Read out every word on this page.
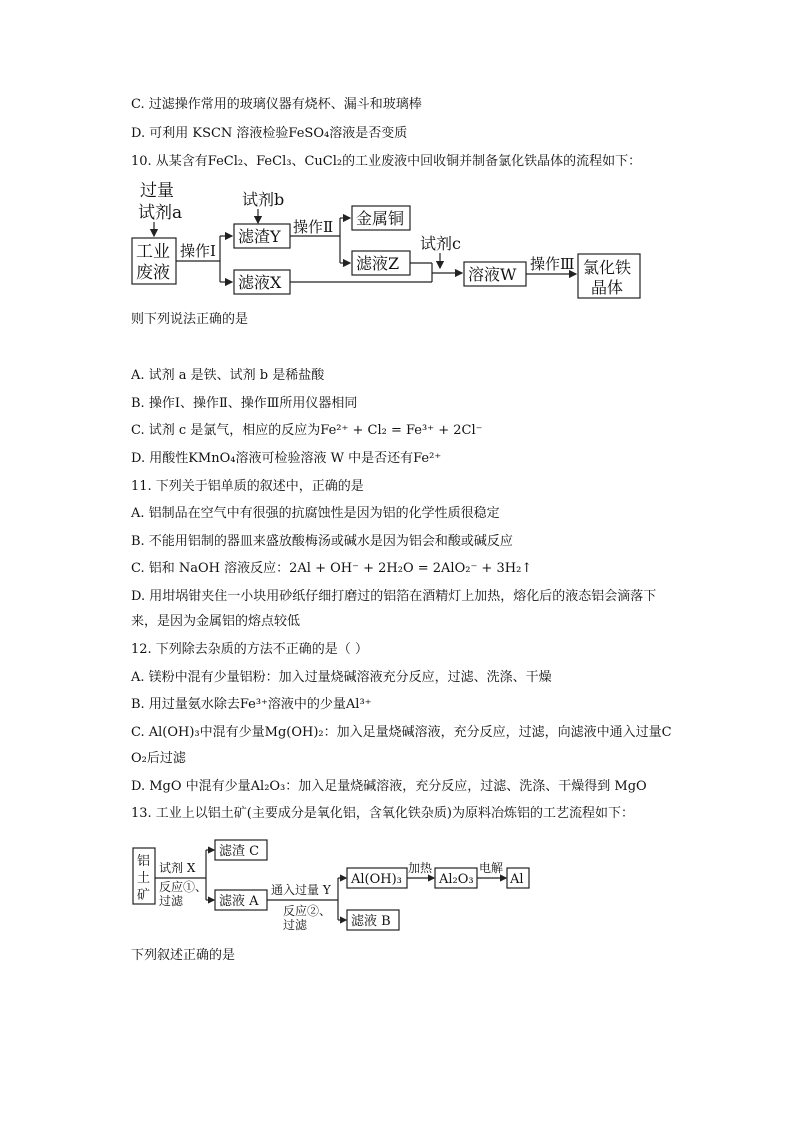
C. 过滤操作常用的玻璃仪器有烧杯、漏斗和玻璃棒
D. 可利用 KSCN 溶液检验FeSO₄溶液是否变质
10. 从某含有FeCl₂、FeCl₃、CuCl₂的工业废液中回收铜并制备氯化铁晶体的流程如下：
过量
试剂a
工业
废液
操作Ⅰ
试剂b
滤渣Y
滤液X
操作Ⅱ 金属铜
滤液Z
试剂c
溶液W
操作Ⅲ 氯化铁
晶体
则下列说法正确的是
A. 试剂 a 是铁、试剂 b 是稀盐酸
B. 操作Ⅰ、操作Ⅱ、操作Ⅲ所用仪器相同
C. 试剂 c 是氯气，相应的反应为Fe²⁺ + Cl₂ = Fe³⁺ + 2Cl⁻
D. 用酸性KMnO₄溶液可检验溶液 W 中是否还有Fe²⁺
11. 下列关于铝单质的叙述中，正确的是
A. 铝制品在空气中有很强的抗腐蚀性是因为铝的化学性质很稳定
B. 不能用铝制的器皿来盛放酸梅汤或碱水是因为铝会和酸或碱反应
C. 铝和 NaOH 溶液反应：2Al + OH⁻ + 2H₂O = 2AlO₂⁻ + 3H₂↑
D. 用坩埚钳夹住一小块用砂纸仔细打磨过的铝箔在酒精灯上加热，熔化后的液态铝会滴落下
来，是因为金属铝的熔点较低
12. 下列除去杂质的方法不正确的是（ ）
A. 镁粉中混有少量铝粉：加入过量烧碱溶液充分反应，过滤、洗涤、干燥
B. 用过量氨水除去Fe³⁺溶液中的少量Al³⁺
C. Al(OH)₃中混有少量Mg(OH)₂：加入足量烧碱溶液，充分反应，过滤，向滤液中通入过量C
O₂后过滤
D. MgO 中混有少量Al₂O₃：加入足量烧碱溶液，充分反应，过滤、洗涤、干燥得到 MgO
13. 工业上以铝土矿(主要成分是氧化铝，含氧化铁杂质)为原料冶炼铝的工艺流程如下：
铝
土
矿
试剂 X
反应①、
过滤
滤渣 C
滤液 A
通入过量 Y
反应②、
过滤
Al(OH)₃
滤液 B
加热
Al₂O₃
电解
Al
下列叙述正确的是
